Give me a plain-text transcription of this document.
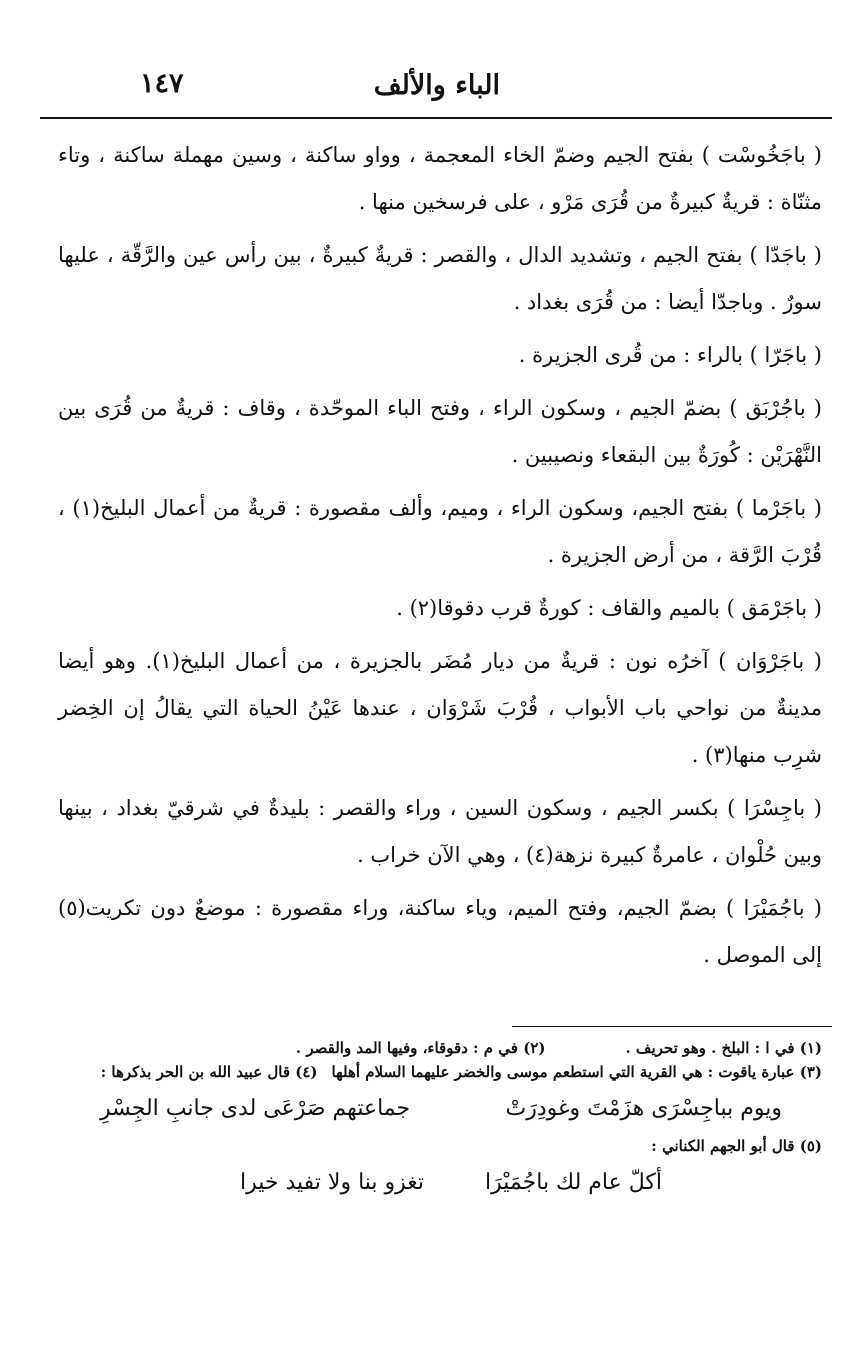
الباء والألف
١٤٧

( باجَخُوسْت ) بفتح الجيم وضمّ الخاء المعجمة ، وواو ساكنة ، وسين مهملة ساكنة ، وتاء مثنّاة : قريةٌ كبيرةٌ من قُرَى مَرْو ، على فرسخين منها .

( باجَدّا ) بفتح الجيم ، وتشديد الدال ، والقصر : قريةٌ كبيرةٌ ، بين رأس عين والرَّقّة ، عليها سورٌ . وباجدّا أيضا : من قُرَى بغداد .

( باجَرّا ) بالراء : من قُرى الجزيرة .

( باجُرْبَق ) بضمّ الجيم ، وسكون الراء ، وفتح الباء الموحّدة ، وقاف : قريةٌ من قُرَى بين النَّهْرَيْن : كُورَةٌ بين البقعاء ونصيبين .

( باجَرْما ) بفتح الجيم، وسكون الراء ، وميم، وألف مقصورة : قريةٌ من أعمال البليخ(١) ، قُرْبَ الرَّقة ، من أرض الجزيرة .

( باجَرْمَق ) بالميم والقاف : كورةٌ قرب دقوقا(٢) .

( باجَرْوَان ) آخرُه نون : قريةٌ من ديار مُضَر بالجزيرة ، من أعمال البليخ(١). وهو أيضا مدينةٌ من نواحي باب الأبواب ، قُرْبَ شَرْوَان ، عندها عَيْنُ الحياة التي يقالُ إن الخِضر شرِب منها(٣) .

( باجِسْرَا ) بكسر الجيم ، وسكون السين ، وراء والقصر : بليدةٌ في شرقيّ بغداد ، بينها وبين حُلْوان ، عامرةٌ كبيرة نزهة(٤) ، وهي الآن خراب .

( باجُمَيْرَا ) بضمّ الجيم، وفتح الميم، وياء ساكنة، وراء مقصورة : موضعٌ دون تكريت(٥) إلى الموصل .

(١) في ا : البلخ . وهو تحريف .
(٢) في م : دقوقاء، وفيها المد والقصر .
(٣) عبارة ياقوت : هي القرية التي استطعم موسى والخضر عليهما السلام أهلها
(٤) قال عبيد الله بن الحر بذكرها :
ويوم بباجِسْرَى هزَمْتَ وغودِرَتْ
جماعتهم صَرْعَى لدى جانبِ الجِسْرِ
(٥) قال أبو الجهم الكناني :
أكلّ عام لك باجُمَيْرَا
تغزو بنا ولا تفيد خيرا
